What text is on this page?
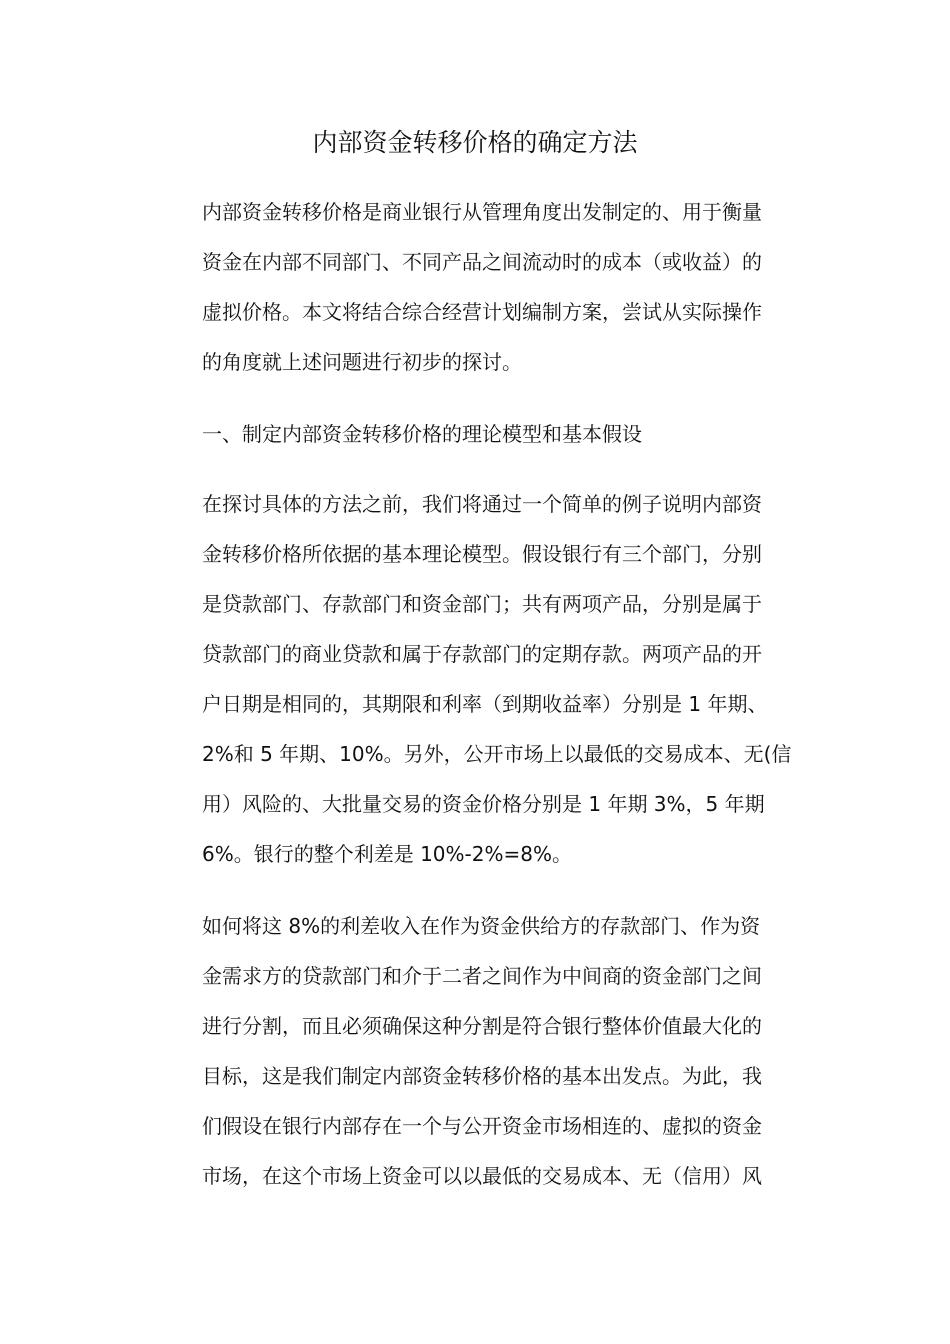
内部资金转移价格的确定方法

内部资金转移价格是商业银行从管理角度出发制定的、用于衡量

资金在内部不同部门、不同产品之间流动时的成本（或收益）的

虚拟价格。本文将结合综合经营计划编制方案，尝试从实际操作

的角度就上述问题进行初步的探讨。

一、制定内部资金转移价格的理论模型和基本假设

在探讨具体的方法之前，我们将通过一个简单的例子说明内部资

金转移价格所依据的基本理论模型。假设银行有三个部门，分别

是贷款部门、存款部门和资金部门；共有两项产品，分别是属于

贷款部门的商业贷款和属于存款部门的定期存款。两项产品的开

户日期是相同的，其期限和利率（到期收益率）分别是 1 年期、

2%和 5 年期、10%。另外，公开市场上以最低的交易成本、无(信

用）风险的、大批量交易的资金价格分别是 1 年期 3%，5 年期

6%。银行的整个利差是 10%-2%=8%。

如何将这 8%的利差收入在作为资金供给方的存款部门、作为资

金需求方的贷款部门和介于二者之间作为中间商的资金部门之间

进行分割，而且必须确保这种分割是符合银行整体价值最大化的

目标，这是我们制定内部资金转移价格的基本出发点。为此，我

们假设在银行内部存在一个与公开资金市场相连的、虚拟的资金

市场，在这个市场上资金可以以最低的交易成本、无（信用）风
